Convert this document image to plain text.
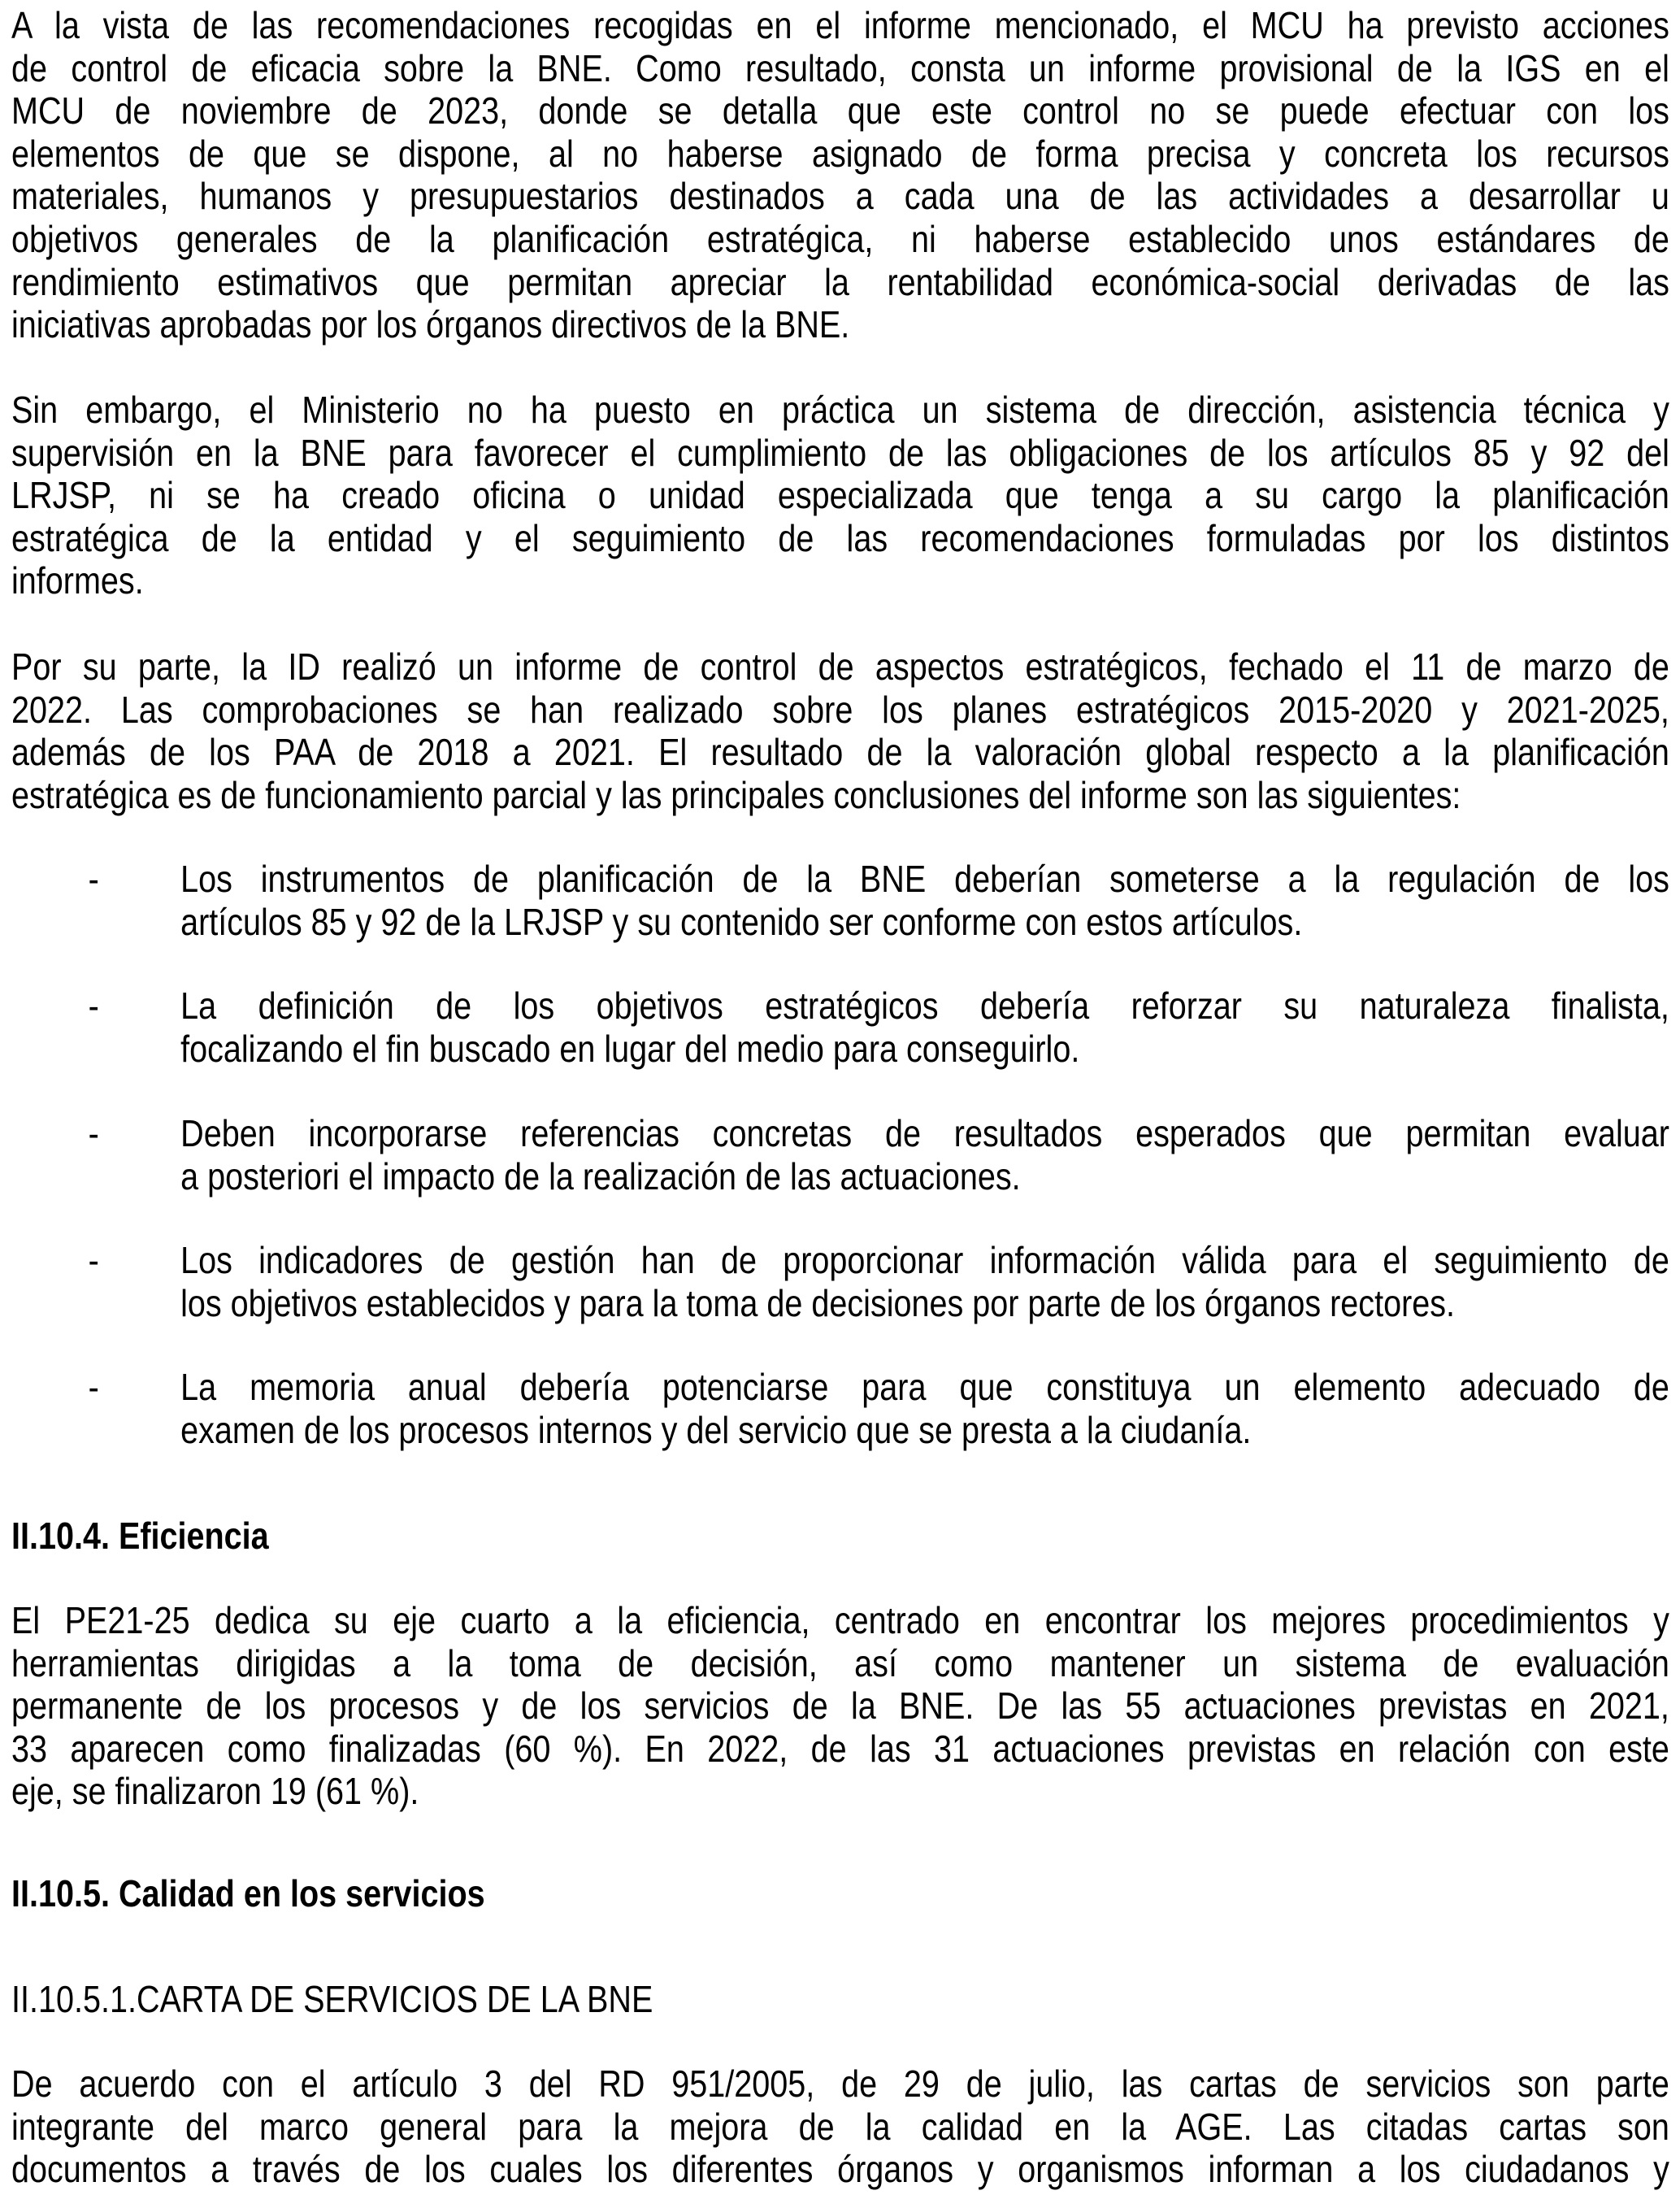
A la vista de las recomendaciones recogidas en el informe mencionado, el MCU ha previsto acciones
de control de eficacia sobre la BNE. Como resultado, consta un informe provisional de la IGS en el
MCU de noviembre de 2023, donde se detalla que este control no se puede efectuar con los
elementos de que se dispone, al no haberse asignado de forma precisa y concreta los recursos
materiales, humanos y presupuestarios destinados a cada una de las actividades a desarrollar u
objetivos generales de la planificación estratégica, ni haberse establecido unos estándares de
rendimiento estimativos que permitan apreciar la rentabilidad económica-social derivadas de las
iniciativas aprobadas por los órganos directivos de la BNE.
Sin embargo, el Ministerio no ha puesto en práctica un sistema de dirección, asistencia técnica y
supervisión en la BNE para favorecer el cumplimiento de las obligaciones de los artículos 85 y 92 del
LRJSP, ni se ha creado oficina o unidad especializada que tenga a su cargo la planificación
estratégica de la entidad y el seguimiento de las recomendaciones formuladas por los distintos
informes.
Por su parte, la ID realizó un informe de control de aspectos estratégicos, fechado el 11 de marzo de
2022. Las comprobaciones se han realizado sobre los planes estratégicos 2015-2020 y 2021-2025,
además de los PAA de 2018 a 2021. El resultado de la valoración global respecto a la planificación
estratégica es de funcionamiento parcial y las principales conclusiones del informe son las siguientes:
- Los instrumentos de planificación de la BNE deberían someterse a la regulación de los
artículos 85 y 92 de la LRJSP y su contenido ser conforme con estos artículos.
- La definición de los objetivos estratégicos debería reforzar su naturaleza finalista,
focalizando el fin buscado en lugar del medio para conseguirlo.
- Deben incorporarse referencias concretas de resultados esperados que permitan evaluar
a posteriori el impacto de la realización de las actuaciones.
- Los indicadores de gestión han de proporcionar información válida para el seguimiento de
los objetivos establecidos y para la toma de decisiones por parte de los órganos rectores.
- La memoria anual debería potenciarse para que constituya un elemento adecuado de
examen de los procesos internos y del servicio que se presta a la ciudanía.
II.10.4. Eficiencia
El PE21-25 dedica su eje cuarto a la eficiencia, centrado en encontrar los mejores procedimientos y
herramientas dirigidas a la toma de decisión, así como mantener un sistema de evaluación
permanente de los procesos y de los servicios de la BNE. De las 55 actuaciones previstas en 2021,
33 aparecen como finalizadas (60 %). En 2022, de las 31 actuaciones previstas en relación con este
eje, se finalizaron 19 (61 %).
II.10.5. Calidad en los servicios
II.10.5.1.CARTA DE SERVICIOS DE LA BNE
De acuerdo con el artículo 3 del RD 951/2005, de 29 de julio, las cartas de servicios son parte
integrante del marco general para la mejora de la calidad en la AGE. Las citadas cartas son
documentos a través de los cuales los diferentes órganos y organismos informan a los ciudadanos y
